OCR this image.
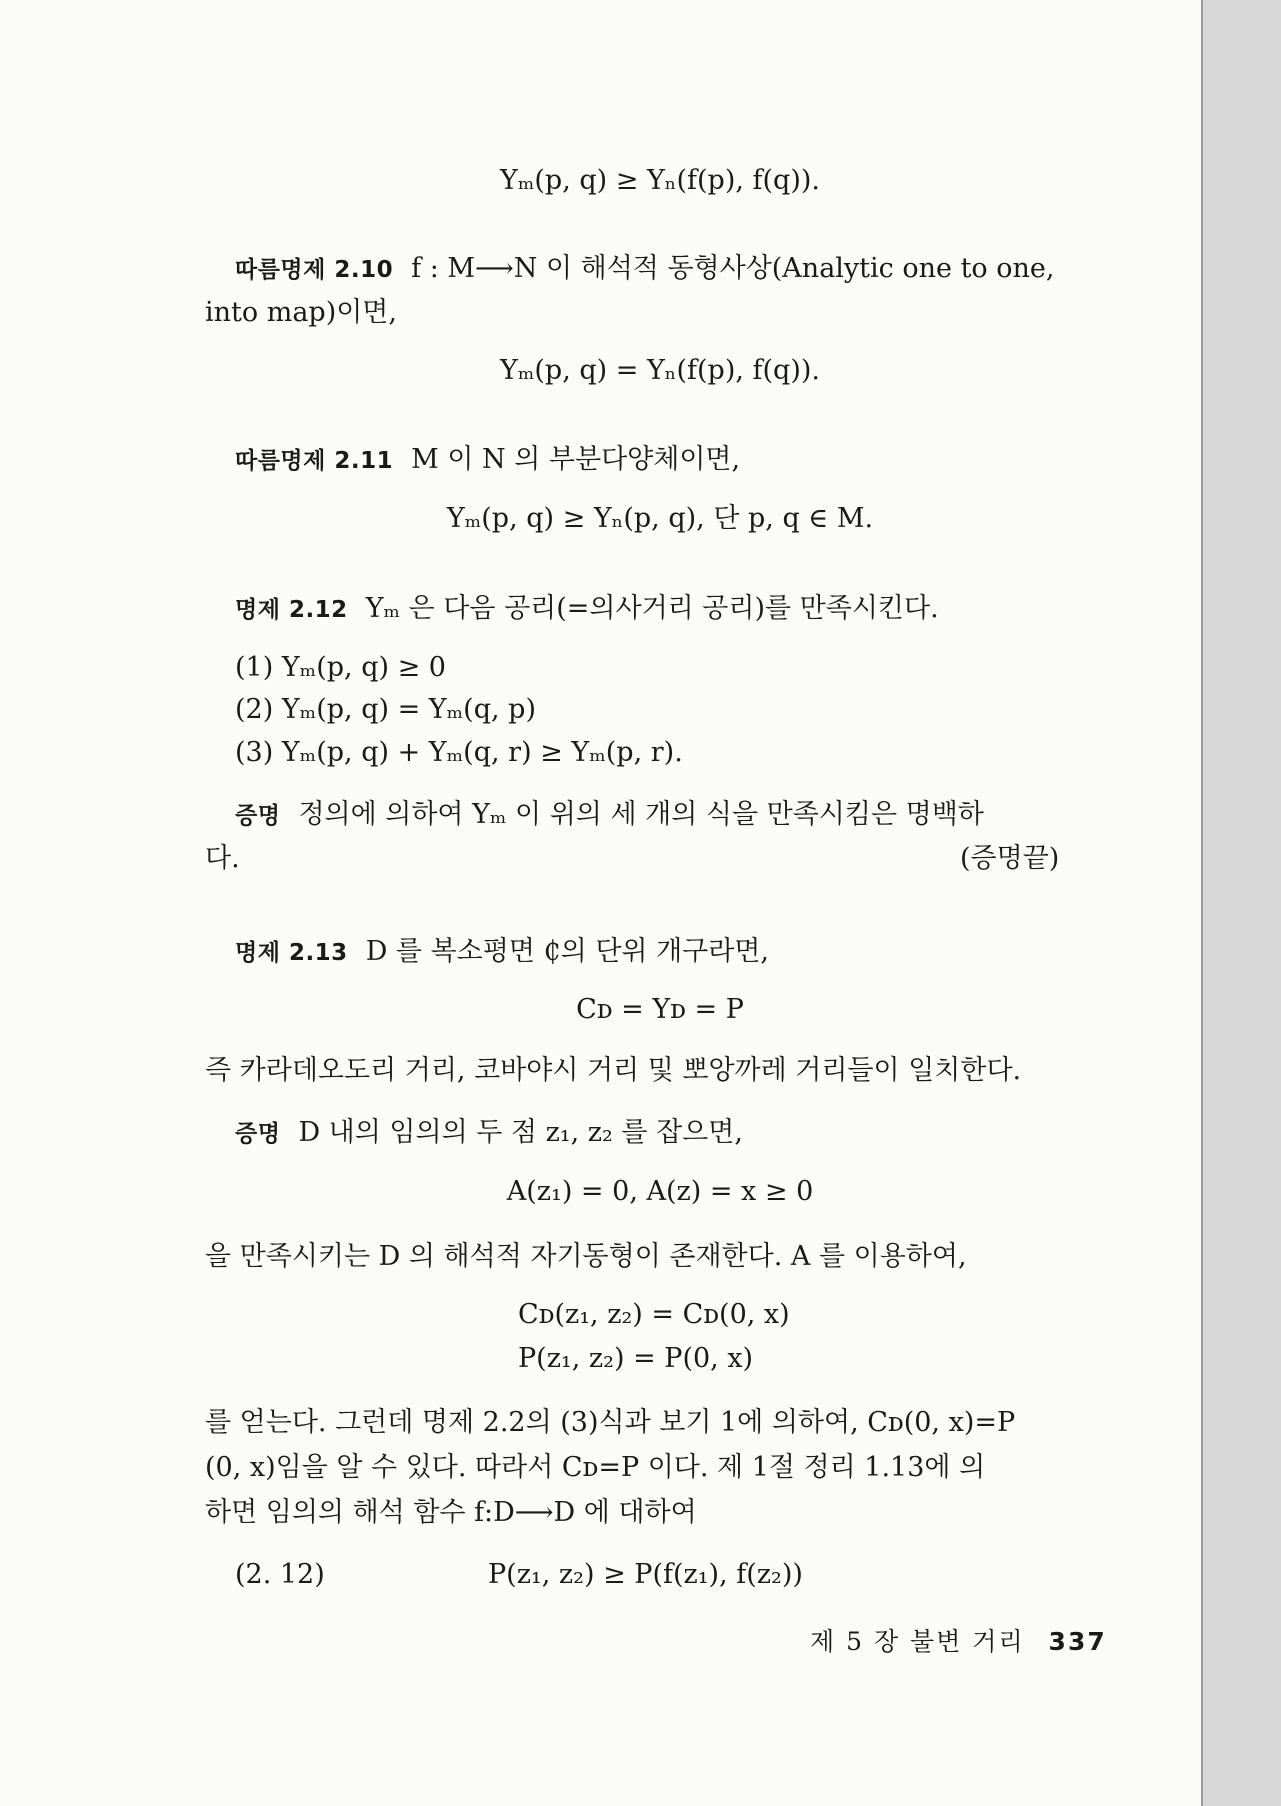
Yₘ(p, q) ≥ Yₙ(f(p), f(q)).
따름명제 2.10 f : M⟶N 이 해석적 동형사상(Analytic one to one,
into map)이면,
Yₘ(p, q) = Yₙ(f(p), f(q)).
따름명제 2.11 M 이 N 의 부분다양체이면,
Yₘ(p, q) ≥ Yₙ(p, q), 단 p, q ∈ M.
명제 2.12 Yₘ 은 다음 공리(=의사거리 공리)를 만족시킨다.
(1) Yₘ(p, q) ≥ 0
(2) Yₘ(p, q) = Yₘ(q, p)
(3) Yₘ(p, q) + Yₘ(q, r) ≥ Yₘ(p, r).
증명 정의에 의하여 Yₘ 이 위의 세 개의 식을 만족시킴은 명백하
다.	(증명끝)
명제 2.13 D 를 복소평면 ₵의 단위 개구라면,
Cᴅ = Yᴅ = P
즉 카라데오도리 거리, 코바야시 거리 및 뽀앙까레 거리들이 일치한다.
증명 D 내의 임의의 두 점 z₁, z₂ 를 잡으면,
A(z₁) = 0, A(z) = x ≥ 0
을 만족시키는 D 의 해석적 자기동형이 존재한다. A 를 이용하여,
Cᴅ(z₁, z₂) = Cᴅ(0, x)
P(z₁, z₂) = P(0, x)
를 얻는다. 그런데 명제 2.2의 (3)식과 보기 1에 의하여, Cᴅ(0, x)=P
(0, x)임을 알 수 있다. 따라서 Cᴅ=P 이다. 제 1절 정리 1.13에 의
하면 임의의 해석 함수 f:D⟶D 에 대하여
(2. 12)	P(z₁, z₂) ≥ P(f(z₁), f(z₂))
제 5 장 불변 거리 337
